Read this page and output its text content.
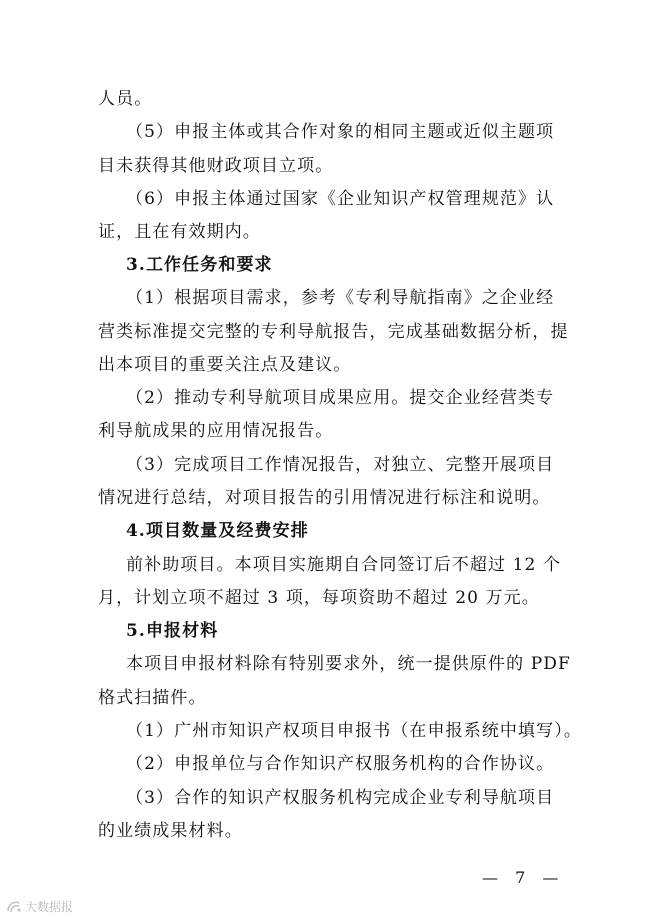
人员。
（5）申报主体或其合作对象的相同主题或近似主题项
目未获得其他财政项目立项。
（6）申报主体通过国家《企业知识产权管理规范》认
证，且在有效期内。
3.工作任务和要求
（1）根据项目需求，参考《专利导航指南》之企业经
营类标准提交完整的专利导航报告，完成基础数据分析，提
出本项目的重要关注点及建议。
（2）推动专利导航项目成果应用。提交企业经营类专
利导航成果的应用情况报告。
（3）完成项目工作情况报告，对独立、完整开展项目
情况进行总结，对项目报告的引用情况进行标注和说明。
4.项目数量及经费安排
前补助项目。本项目实施期自合同签订后不超过 12 个
月，计划立项不超过 3 项，每项资助不超过 20 万元。
5.申报材料
本项目申报材料除有特别要求外，统一提供原件的 PDF
格式扫描件。
（1）广州市知识产权项目申报书（在申报系统中填写）。
（2）申报单位与合作知识产权服务机构的合作协议。
（3）合作的知识产权服务机构完成企业专利导航项目
的业绩成果材料。
— 7 —
大数据报
